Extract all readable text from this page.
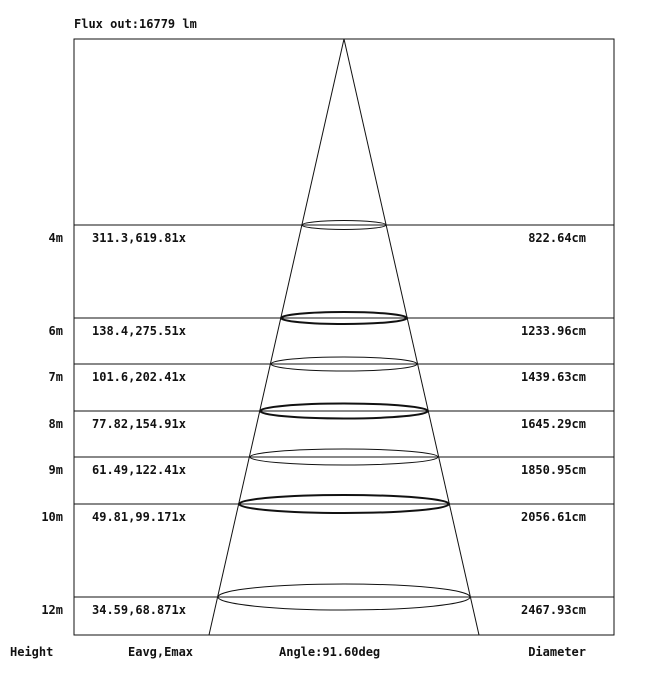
Flux out:16779 lm
4m 311.3,619.81x	822.64cm
6m 138.4,275.51x	1233.96cm
7m 101.6,202.41x	1439.63cm
8m 77.82,154.91x	1645.29cm
9m 61.49,122.41x	1850.95cm
10m 49.81,99.171x	2056.61cm
12m 34.59,68.871x	2467.93cm
Height	Eavg,Emax	Angle:91.60deg	Diameter
